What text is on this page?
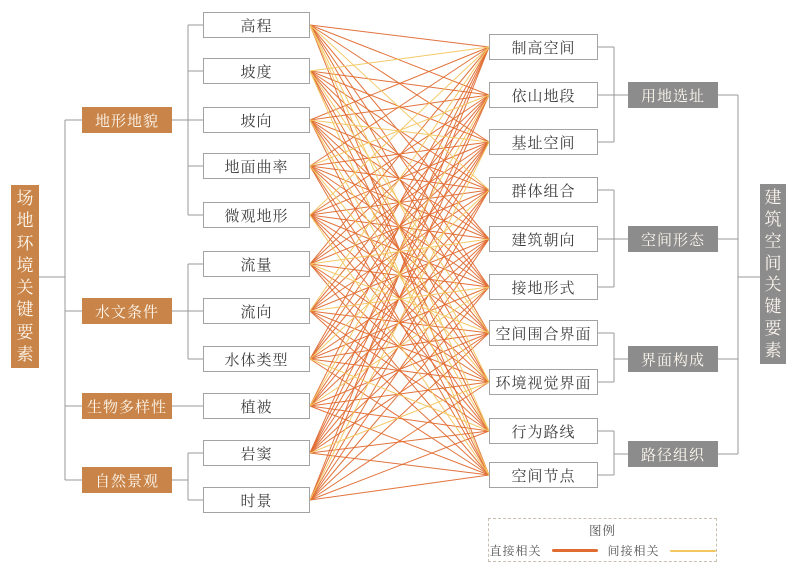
场
地
环
境
关
键
要
素
建
筑
空
间
关
键
要
素
高程
坡度
坡向
地面曲率
微观地形
流量
流向
水体类型
植被
岩窦
时景
制高空间
依山地段
基址空间
群体组合
建筑朝向
接地形式
空间围合界面
环境视觉界面
行为路线
空间节点
地形地貌
水文条件
生物多样性
自然景观
用地选址
空间形态
界面构成
路径组织
图例
直接相关	间接相关
